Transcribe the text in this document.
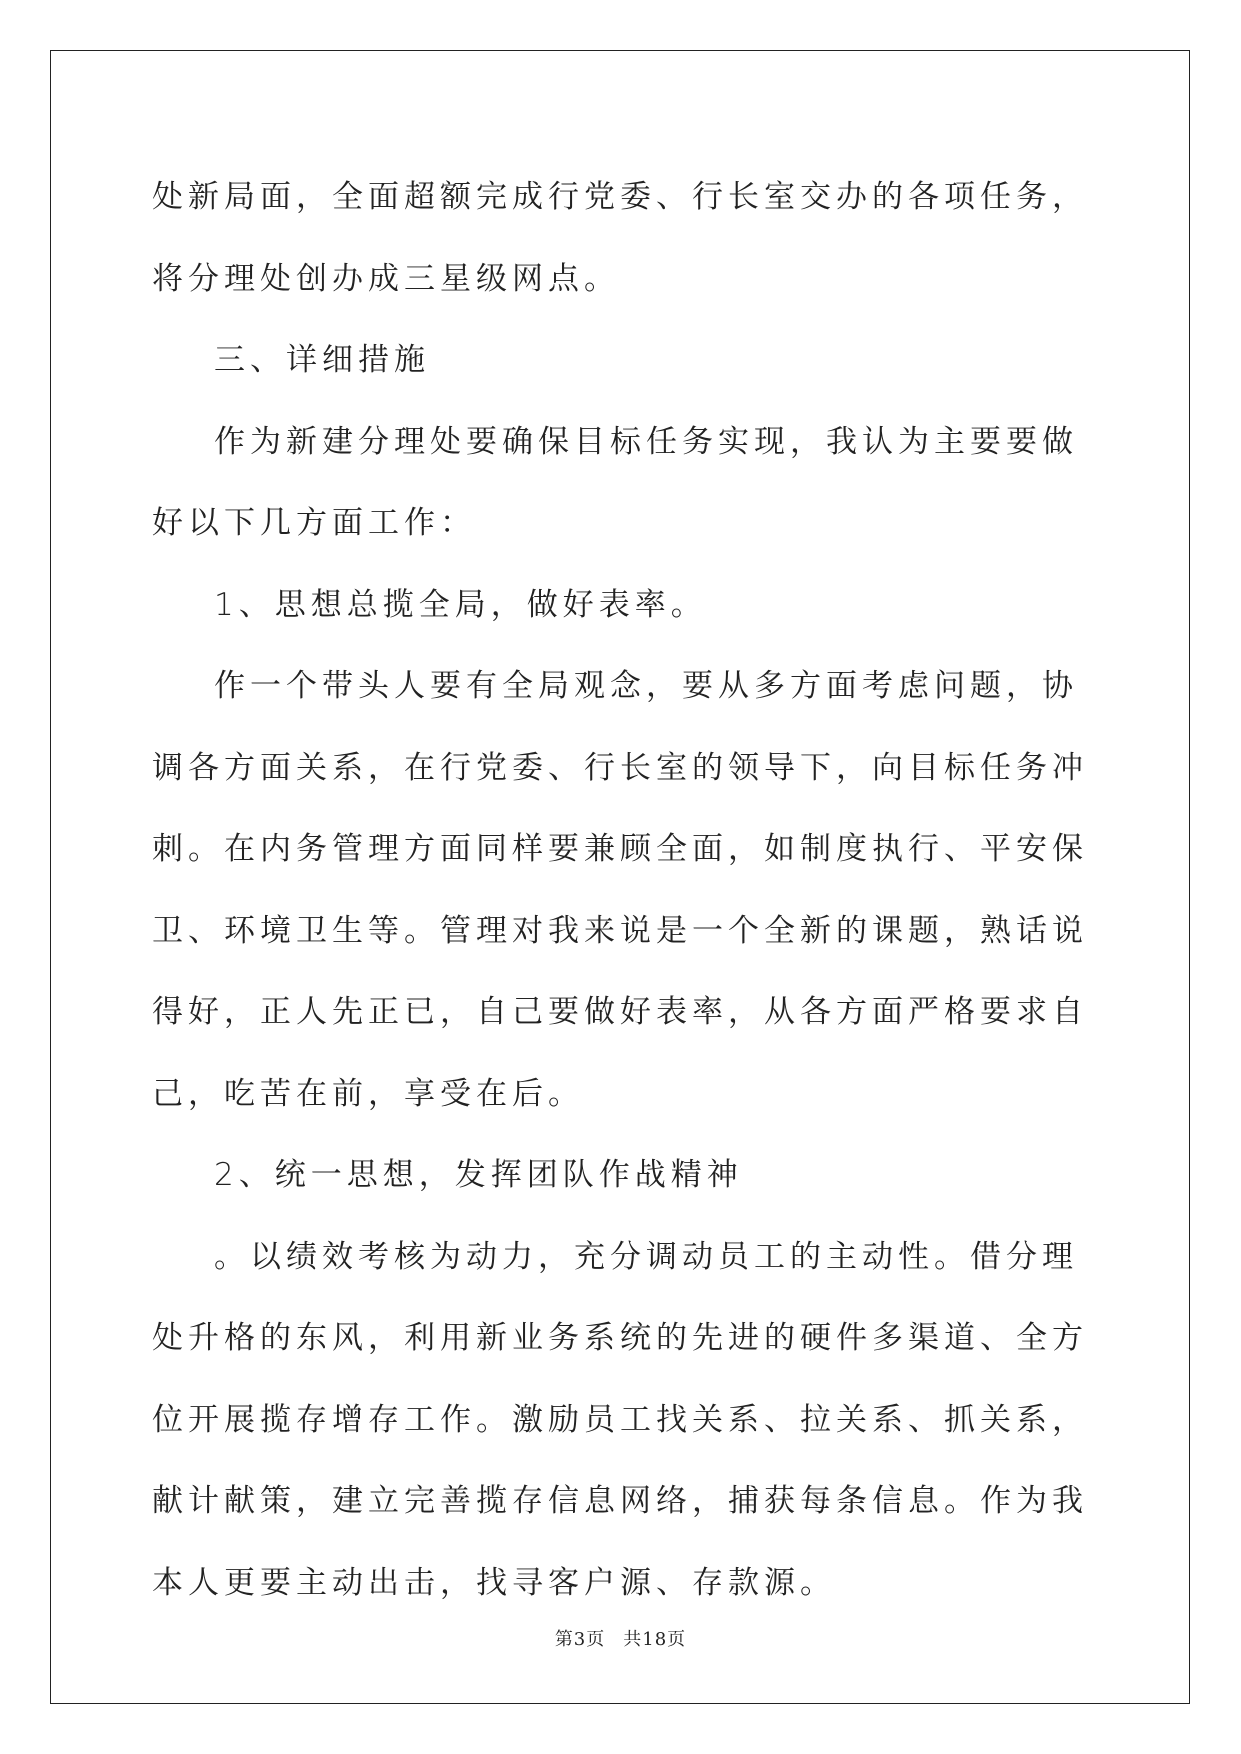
处新局面，全面超额完成行党委、行长室交办的各项任务，将分理处创办成三星级网点。

三、详细措施

作为新建分理处要确保目标任务实现，我认为主要要做好以下几方面工作：

1、思想总揽全局，做好表率。

作一个带头人要有全局观念，要从多方面考虑问题，协调各方面关系，在行党委、行长室的领导下，向目标任务冲刺。在内务管理方面同样要兼顾全面，如制度执行、平安保卫、环境卫生等。管理对我来说是一个全新的课题，熟话说得好，正人先正已，自己要做好表率，从各方面严格要求自己，吃苦在前，享受在后。

2、统一思想，发挥团队作战精神

。以绩效考核为动力，充分调动员工的主动性。借分理处升格的东风，利用新业务系统的先进的硬件多渠道、全方位开展揽存增存工作。激励员工找关系、拉关系、抓关系，献计献策，建立完善揽存信息网络，捕获每条信息。作为我本人更要主动出击，找寻客户源、存款源。

第3页 共18页
